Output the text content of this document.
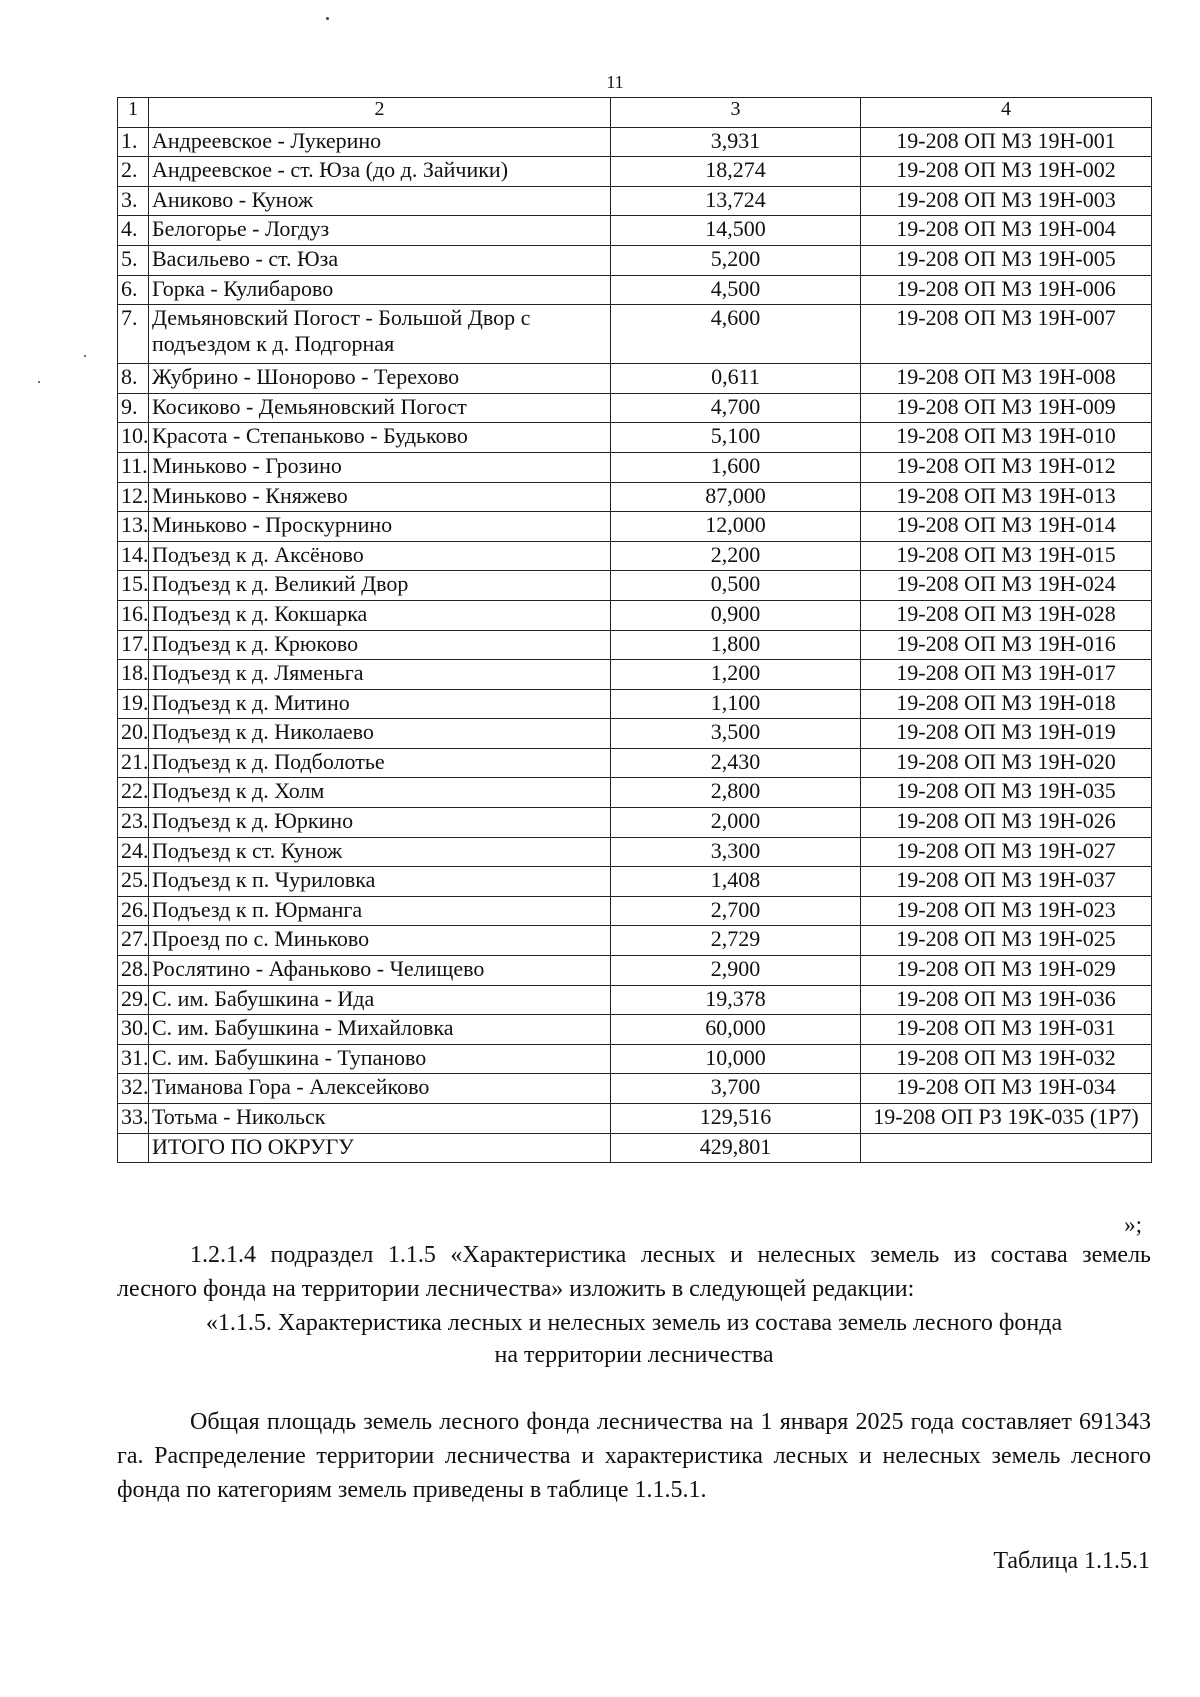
11
1	2	3	4
1.	Андреевское - Лукерино	3,931	19-208 ОП МЗ 19Н-001
2.	Андреевское - ст. Юза (до д. Зайчики)	18,274	19-208 ОП МЗ 19Н-002
3.	Аниково - Кунож	13,724	19-208 ОП МЗ 19Н-003
4.	Белогорье - Логдуз	14,500	19-208 ОП МЗ 19Н-004
5.	Васильево - ст. Юза	5,200	19-208 ОП МЗ 19Н-005
6.	Горка - Кулибарово	4,500	19-208 ОП МЗ 19Н-006
7.	Демьяновский Погост - Большой Двор с подъездом к д. Подгорная	4,600	19-208 ОП МЗ 19Н-007
8.	Жубрино - Шонорово - Терехово	0,611	19-208 ОП МЗ 19Н-008
9.	Косиково - Демьяновский Погост	4,700	19-208 ОП МЗ 19Н-009
10.	Красота - Степаньково - Будьково	5,100	19-208 ОП МЗ 19Н-010
11.	Миньково - Грозино	1,600	19-208 ОП МЗ 19Н-012
12.	Миньково - Княжево	87,000	19-208 ОП МЗ 19Н-013
13.	Миньково - Проскурнино	12,000	19-208 ОП МЗ 19Н-014
14.	Подъезд к д. Аксёново	2,200	19-208 ОП МЗ 19Н-015
15.	Подъезд к д. Великий Двор	0,500	19-208 ОП МЗ 19Н-024
16.	Подъезд к д. Кокшарка	0,900	19-208 ОП МЗ 19Н-028
17.	Подъезд к д. Крюково	1,800	19-208 ОП МЗ 19Н-016
18.	Подъезд к д. Ляменьга	1,200	19-208 ОП МЗ 19Н-017
19.	Подъезд к д. Митино	1,100	19-208 ОП МЗ 19Н-018
20.	Подъезд к д. Николаево	3,500	19-208 ОП МЗ 19Н-019
21.	Подъезд к д. Подболотье	2,430	19-208 ОП МЗ 19Н-020
22.	Подъезд к д. Холм	2,800	19-208 ОП МЗ 19Н-035
23.	Подъезд к д. Юркино	2,000	19-208 ОП МЗ 19Н-026
24.	Подъезд к ст. Кунож	3,300	19-208 ОП МЗ 19Н-027
25.	Подъезд к п. Чуриловка	1,408	19-208 ОП МЗ 19Н-037
26.	Подъезд к п. Юрманга	2,700	19-208 ОП МЗ 19Н-023
27.	Проезд по с. Миньково	2,729	19-208 ОП МЗ 19Н-025
28.	Рослятино - Афаньково - Челищево	2,900	19-208 ОП МЗ 19Н-029
29.	С. им. Бабушкина - Ида	19,378	19-208 ОП МЗ 19Н-036
30.	С. им. Бабушкина - Михайловка	60,000	19-208 ОП МЗ 19Н-031
31.	С. им. Бабушкина - Тупаново	10,000	19-208 ОП МЗ 19Н-032
32.	Тиманова Гора - Алексейково	3,700	19-208 ОП МЗ 19Н-034
33.	Тотьма - Никольск	129,516	19-208 ОП РЗ 19К-035 (1Р7)
	ИТОГО ПО ОКРУГУ	429,801	
»;
1.2.1.4 подраздел 1.1.5 «Характеристика лесных и нелесных земель из состава земель лесного фонда на территории лесничества» изложить в следующей редакции:
«1.1.5. Характеристика лесных и нелесных земель из состава земель лесного фонда
на территории лесничества
Общая площадь земель лесного фонда лесничества на 1 января 2025 года составляет 691343 га. Распределение территории лесничества и характеристика лесных и нелесных земель лесного фонда по категориям земель приведены в таблице 1.1.5.1.
Таблица 1.1.5.1
